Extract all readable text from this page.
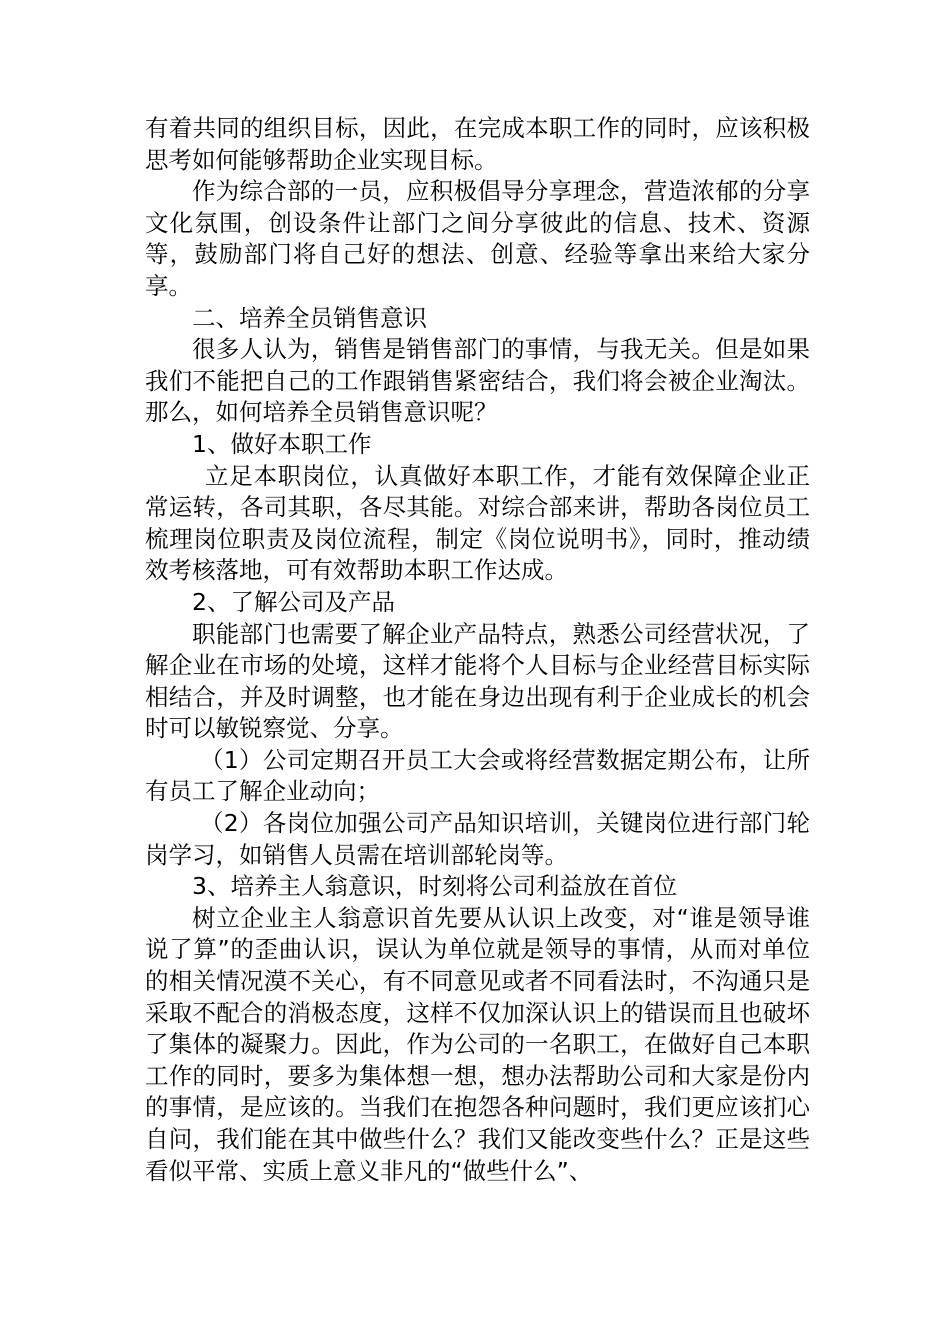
有着共同的组织目标，因此，在完成本职工作的同时，应该积极思考如何能够帮助企业实现目标。

作为综合部的一员，应积极倡导分享理念，营造浓郁的分享文化氛围，创设条件让部门之间分享彼此的信息、技术、资源等，鼓励部门将自己好的想法、创意、经验等拿出来给大家分享。

二、培养全员销售意识

很多人认为，销售是销售部门的事情，与我无关。但是如果我们不能把自己的工作跟销售紧密结合，我们将会被企业淘汰。那么，如何培养全员销售意识呢？

1、做好本职工作

立足本职岗位，认真做好本职工作，才能有效保障企业正常运转，各司其职，各尽其能。对综合部来讲，帮助各岗位员工梳理岗位职责及岗位流程，制定《岗位说明书》，同时，推动绩效考核落地，可有效帮助本职工作达成。

2、了解公司及产品

职能部门也需要了解企业产品特点，熟悉公司经营状况，了解企业在市场的处境，这样才能将个人目标与企业经营目标实际相结合，并及时调整，也才能在身边出现有利于企业成长的机会时可以敏锐察觉、分享。

（1）公司定期召开员工大会或将经营数据定期公布，让所有员工了解企业动向；

（2）各岗位加强公司产品知识培训，关键岗位进行部门轮岗学习，如销售人员需在培训部轮岗等。

3、培养主人翁意识，时刻将公司利益放在首位

树立企业主人翁意识首先要从认识上改变，对“谁是领导谁说了算”的歪曲认识，误认为单位就是领导的事情，从而对单位的相关情况漠不关心，有不同意见或者不同看法时，不沟通只是采取不配合的消极态度，这样不仅加深认识上的错误而且也破坏了集体的凝聚力。因此，作为公司的一名职工，在做好自己本职工作的同时，要多为集体想一想，想办法帮助公司和大家是份内的事情，是应该的。当我们在抱怨各种问题时，我们更应该扪心自问，我们能在其中做些什么？我们又能改变些什么？正是这些看似平常、实质上意义非凡的“做些什么”、
